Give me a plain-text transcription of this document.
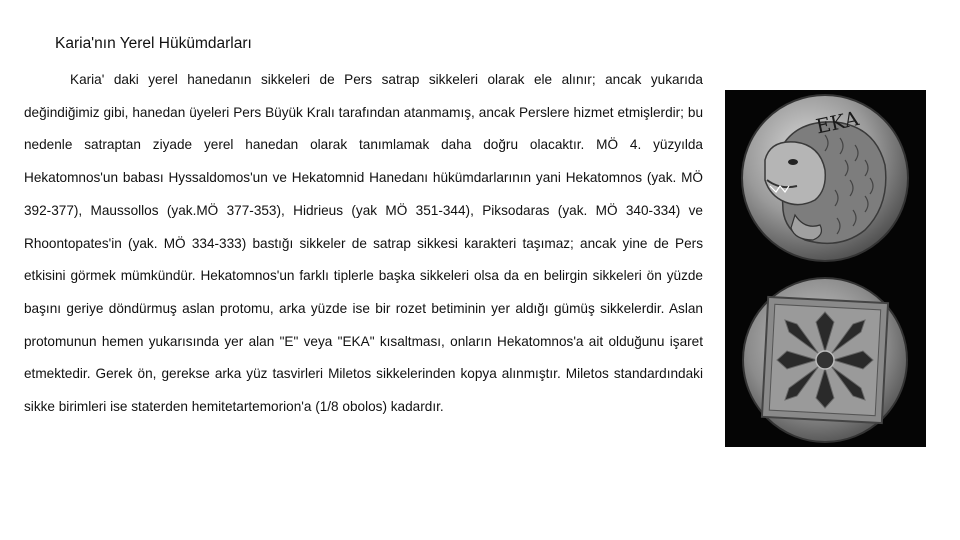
Karia'nın Yerel Hükümdarları

Karia' daki yerel hanedanın sikkeleri de Pers satrap sikkeleri olarak ele alınır; ancak yukarıda değindiğimiz gibi, hanedan üyeleri Pers Büyük Kralı tarafından atanmamış, ancak Perslere hizmet etmişlerdir; bu nedenle satraptan ziyade yerel hanedan olarak tanımlamak daha doğru olacaktır. MÖ 4. yüzyılda Hekatomnos'un babası Hyssaldomos'un ve Hekatomnid Hanedanı hükümdarlarının yani Hekatomnos (yak. MÖ 392-377), Maussollos (yak.MÖ 377-353), Hidrieus (yak MÖ 351-344), Piksodaras (yak. MÖ 340-334) ve Rhoontopates'in (yak. MÖ 334-333) bastığı sikkeler de satrap sikkesi karakteri taşımaz; ancak yine de Pers etkisini görmek mümkündür. Hekatomnos'un farklı tiplerle başka sikkeleri olsa da en belirgin sikkeleri ön yüzde başını geriye döndürmuş aslan protomu, arka yüzde ise bir rozet betiminin yer aldığı gümüş sikkelerdir. Aslan protomunun hemen yukarısında yer alan "E" veya "EKA" kısaltması, onların Hekatomnos'a ait olduğunu işaret etmektedir. Gerek ön, gerekse arka yüz tasvirleri Miletos sikkelerinden kopya alınmıştır. Miletos standardındaki sikke birimleri ise staterden hemitetartemorion'a (1/8 obolos) kadardır.

EKA
